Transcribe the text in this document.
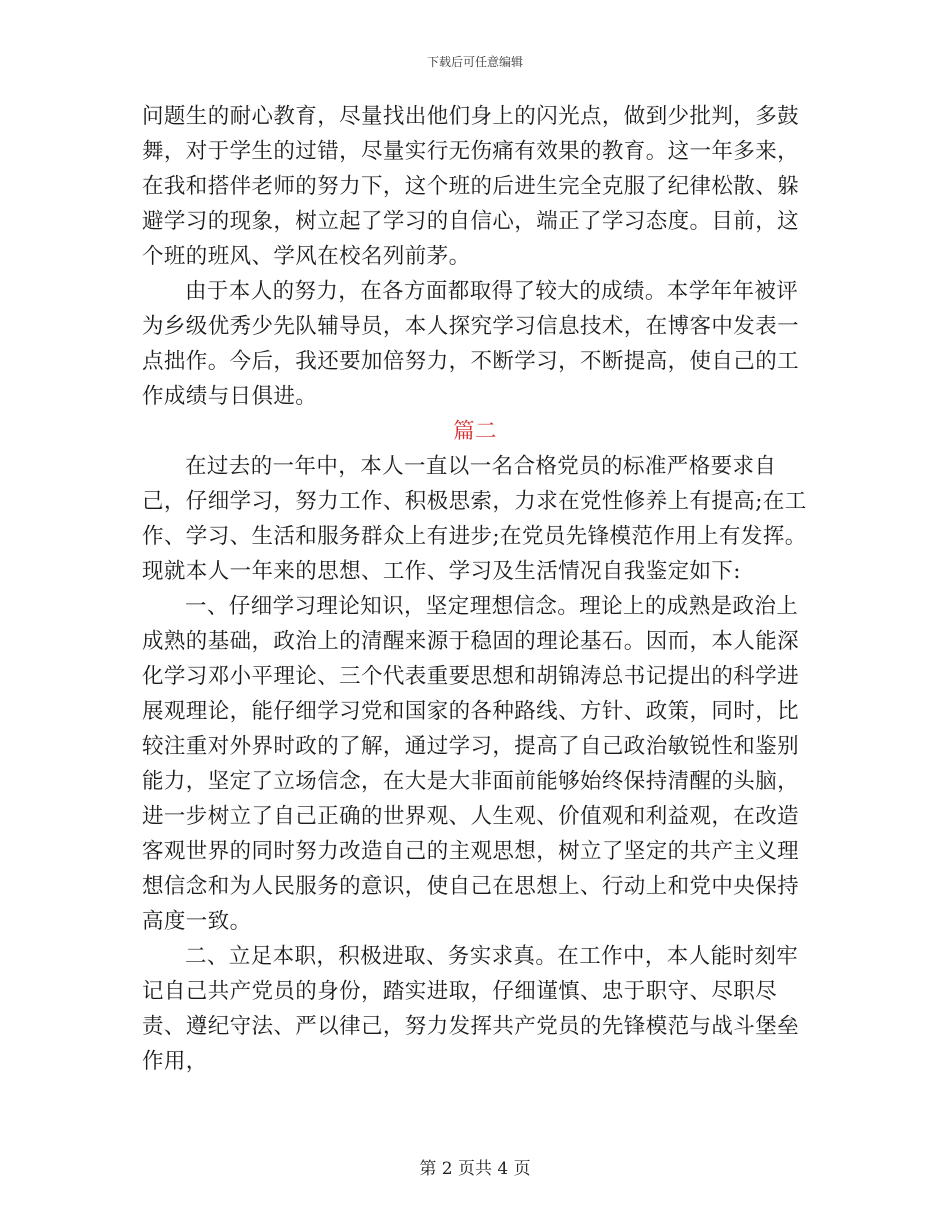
下载后可任意编辑

问题生的耐心教育，尽量找出他们身上的闪光点，做到少批判，多鼓舞，对于学生的过错，尽量实行无伤痛有效果的教育。这一年多来，在我和搭伴老师的努力下，这个班的后进生完全克服了纪律松散、躲避学习的现象，树立起了学习的自信心，端正了学习态度。目前，这个班的班风、学风在校名列前茅。

由于本人的努力，在各方面都取得了较大的成绩。本学年年被评为乡级优秀少先队辅导员，本人探究学习信息技术，在博客中发表一点拙作。今后，我还要加倍努力，不断学习，不断提高，使自己的工作成绩与日俱进。

篇二

在过去的一年中，本人一直以一名合格党员的标准严格要求自己，仔细学习，努力工作、积极思索，力求在党性修养上有提高;在工作、学习、生活和服务群众上有进步;在党员先锋模范作用上有发挥。现就本人一年来的思想、工作、学习及生活情况自我鉴定如下:

一、仔细学习理论知识，坚定理想信念。理论上的成熟是政治上成熟的基础，政治上的清醒来源于稳固的理论基石。因而，本人能深化学习邓小平理论、三个代表重要思想和胡锦涛总书记提出的科学进展观理论，能仔细学习党和国家的各种路线、方针、政策，同时，比较注重对外界时政的了解，通过学习，提高了自己政治敏锐性和鉴别能力，坚定了立场信念，在大是大非面前能够始终保持清醒的头脑，进一步树立了自己正确的世界观、人生观、价值观和利益观，在改造客观世界的同时努力改造自己的主观思想，树立了坚定的共产主义理想信念和为人民服务的意识，使自己在思想上、行动上和党中央保持高度一致。

二、立足本职，积极进取、务实求真。在工作中，本人能时刻牢记自己共产党员的身份，踏实进取，仔细谨慎、忠于职守、尽职尽责、遵纪守法、严以律己，努力发挥共产党员的先锋模范与战斗堡垒作用，

第 2 页共 4 页
